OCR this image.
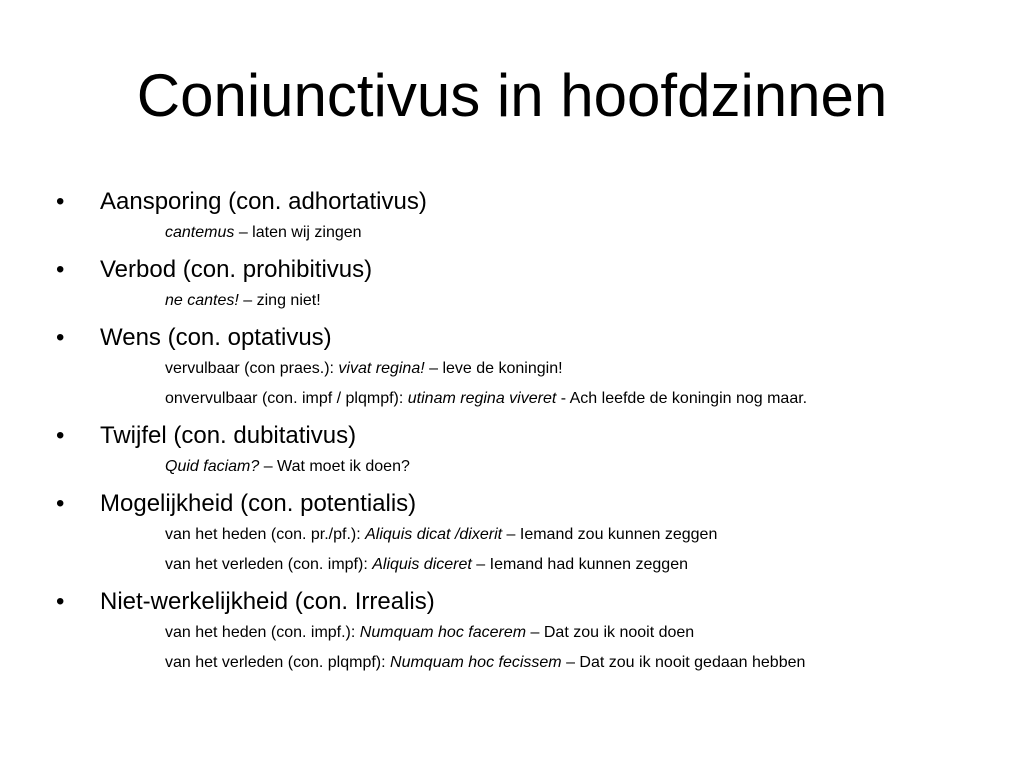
Coniunctivus in hoofdzinnen
• Aansporing (con. adhortativus)
cantemus – laten wij zingen
• Verbod (con. prohibitivus)
ne cantes! – zing niet!
• Wens (con. optativus)
vervulbaar (con praes.): vivat regina! – leve de koningin!
onvervulbaar (con. impf / plqmpf): utinam regina viveret - Ach leefde de koningin nog maar.
• Twijfel (con. dubitativus)
Quid faciam? – Wat moet ik doen?
• Mogelijkheid (con. potentialis)
van het heden (con. pr./pf.): Aliquis dicat /dixerit – Iemand zou kunnen zeggen
van het verleden (con. impf): Aliquis diceret – Iemand had kunnen zeggen
• Niet-werkelijkheid (con. Irrealis)
van het heden (con. impf.): Numquam hoc facerem – Dat zou ik nooit doen
van het verleden (con. plqmpf): Numquam hoc fecissem – Dat zou ik nooit gedaan hebben
